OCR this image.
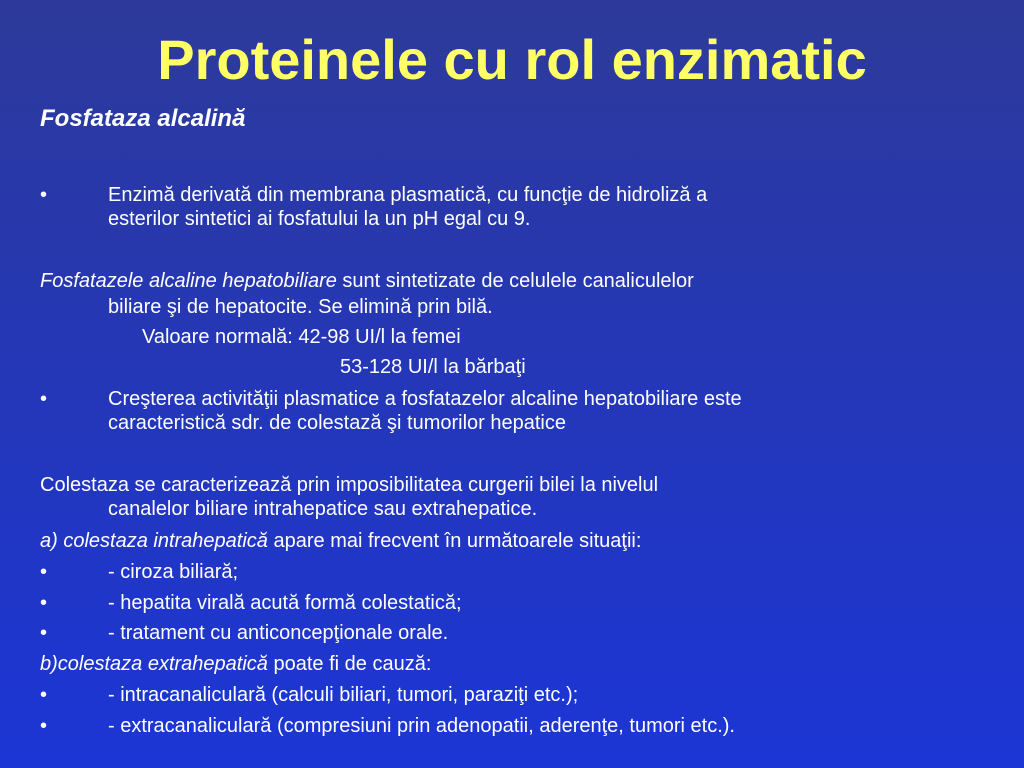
Proteinele cu rol enzimatic
Fosfataza alcalină
•	Enzimă derivată din membrana plasmatică, cu funcţie de hidroliză a
esterilor sintetici ai fosfatului la un pH egal cu 9.
Fosfatazele alcaline hepatobiliare sunt sintetizate de celulele canaliculelor
biliare şi de hepatocite. Se elimină prin bilă.
Valoare normală: 42-98 UI/l la femei
53-128 UI/l la bărbaţi
•	Creşterea activităţii plasmatice a fosfatazelor alcaline hepatobiliare este
caracteristică sdr. de colestază şi tumorilor hepatice
Colestaza se caracterizează prin imposibilitatea curgerii bilei la nivelul
canalelor biliare intrahepatice sau extrahepatice.
a) colestaza intrahepatică apare mai frecvent în următoarele situaţii:
•	- ciroza biliară;
•	- hepatita virală acută formă colestatică;
•	- tratament cu anticoncepţionale orale.
b)colestaza extrahepatică poate fi de cauză:
•	- intracanaliculară (calculi biliari, tumori, paraziţi etc.);
•	- extracanaliculară (compresiuni prin adenopatii, aderenţe, tumori etc.).
